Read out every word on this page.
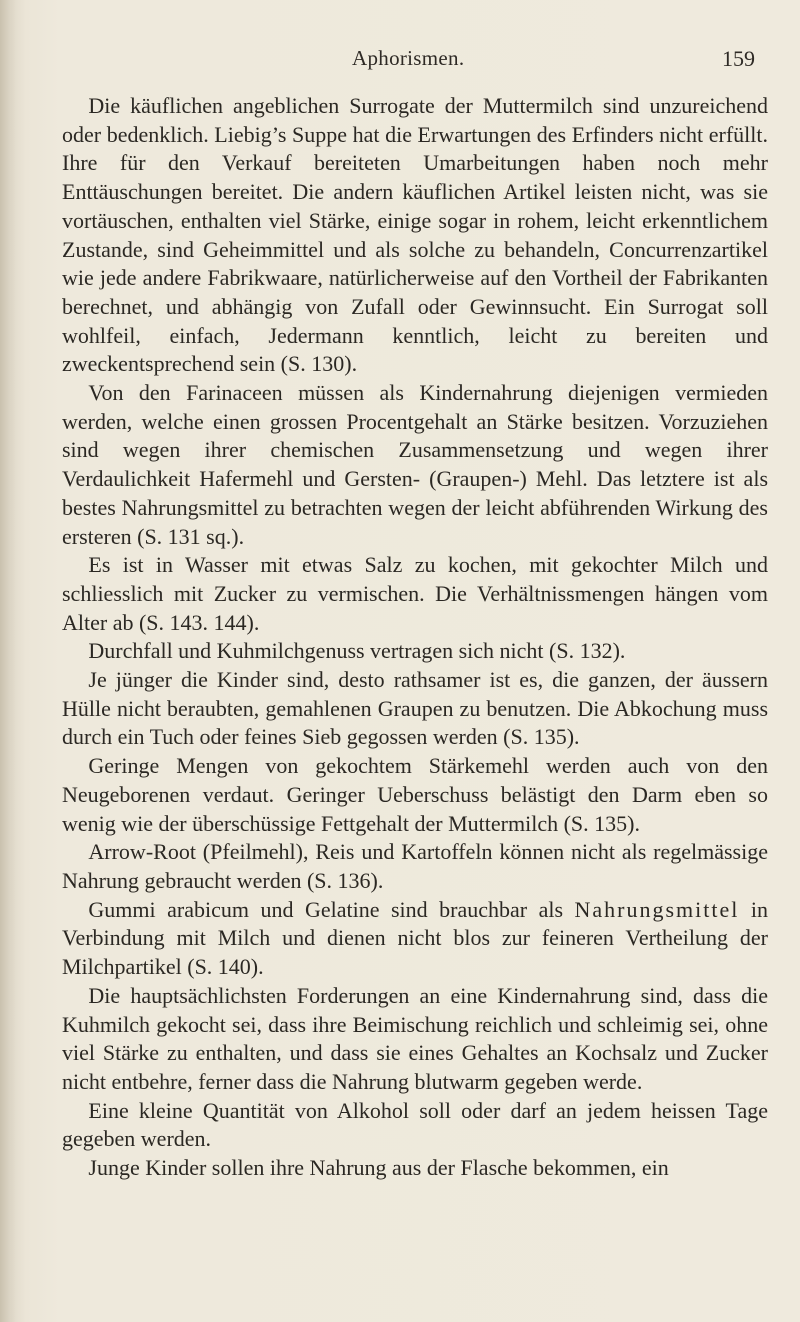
Aphorismen.	159

Die käuflichen angeblichen Surrogate der Muttermilch sind unzureichend oder bedenklich. Liebig’s Suppe hat die Erwartungen des Erfinders nicht erfüllt. Ihre für den Verkauf bereiteten Umarbeitungen haben noch mehr Enttäuschungen bereitet. Die andern käuflichen Artikel leisten nicht, was sie vortäuschen, enthalten viel Stärke, einige sogar in rohem, leicht erkenntlichem Zustande, sind Geheimmittel und als solche zu behandeln, Concurrenzartikel wie jede andere Fabrikwaare, natürlicherweise auf den Vortheil der Fabrikanten berechnet, und abhängig von Zufall oder Gewinnsucht. Ein Surrogat soll wohlfeil, einfach, Jedermann kenntlich, leicht zu bereiten und zweckentsprechend sein (S. 130).

Von den Farinaceen müssen als Kindernahrung diejenigen vermieden werden, welche einen grossen Procentgehalt an Stärke besitzen. Vorzuziehen sind wegen ihrer chemischen Zusammensetzung und wegen ihrer Verdaulichkeit Hafermehl und Gersten- (Graupen-) Mehl. Das letztere ist als bestes Nahrungsmittel zu betrachten wegen der leicht abführenden Wirkung des ersteren (S. 131 sq.).

Es ist in Wasser mit etwas Salz zu kochen, mit gekochter Milch und schliesslich mit Zucker zu vermischen. Die Verhältnissmengen hängen vom Alter ab (S. 143. 144).

Durchfall und Kuhmilchgenuss vertragen sich nicht (S. 132).

Je jünger die Kinder sind, desto rathsamer ist es, die ganzen, der äussern Hülle nicht beraubten, gemahlenen Graupen zu benutzen. Die Abkochung muss durch ein Tuch oder feines Sieb gegossen werden (S. 135).

Geringe Mengen von gekochtem Stärkemehl werden auch von den Neugeborenen verdaut. Geringer Ueberschuss belästigt den Darm eben so wenig wie der überschüssige Fettgehalt der Muttermilch (S. 135).

Arrow-Root (Pfeilmehl), Reis und Kartoffeln können nicht als regelmässige Nahrung gebraucht werden (S. 136).

Gummi arabicum und Gelatine sind brauchbar als Nahrungsmittel in Verbindung mit Milch und dienen nicht blos zur feineren Vertheilung der Milchpartikel (S. 140).

Die hauptsächlichsten Forderungen an eine Kindernahrung sind, dass die Kuhmilch gekocht sei, dass ihre Beimischung reichlich und schleimig sei, ohne viel Stärke zu enthalten, und dass sie eines Gehaltes an Kochsalz und Zucker nicht entbehre, ferner dass die Nahrung blutwarm gegeben werde.

Eine kleine Quantität von Alkohol soll oder darf an jedem heissen Tage gegeben werden.

Junge Kinder sollen ihre Nahrung aus der Flasche bekommen, ein
